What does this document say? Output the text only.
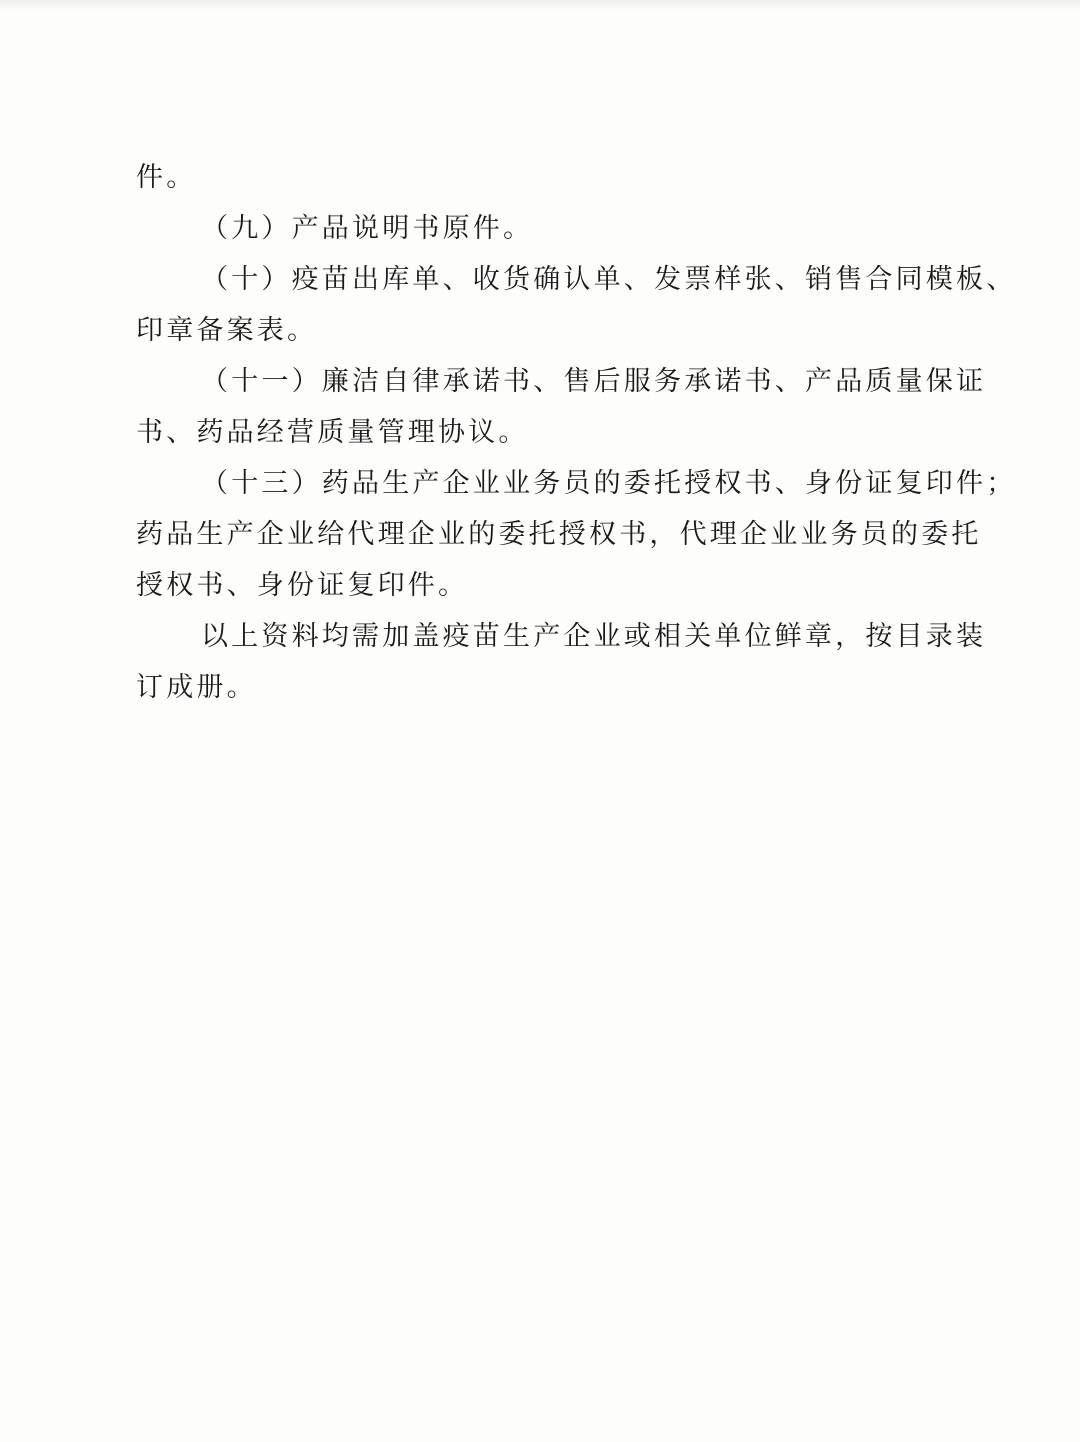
件。
（九）产品说明书原件。
（十）疫苗出库单、收货确认单、发票样张、销售合同模板、
印章备案表。
（十一）廉洁自律承诺书、售后服务承诺书、产品质量保证
书、药品经营质量管理协议。
（十三）药品生产企业业务员的委托授权书、身份证复印件；
药品生产企业给代理企业的委托授权书，代理企业业务员的委托
授权书、身份证复印件。
以上资料均需加盖疫苗生产企业或相关单位鲜章，按目录装
订成册。
